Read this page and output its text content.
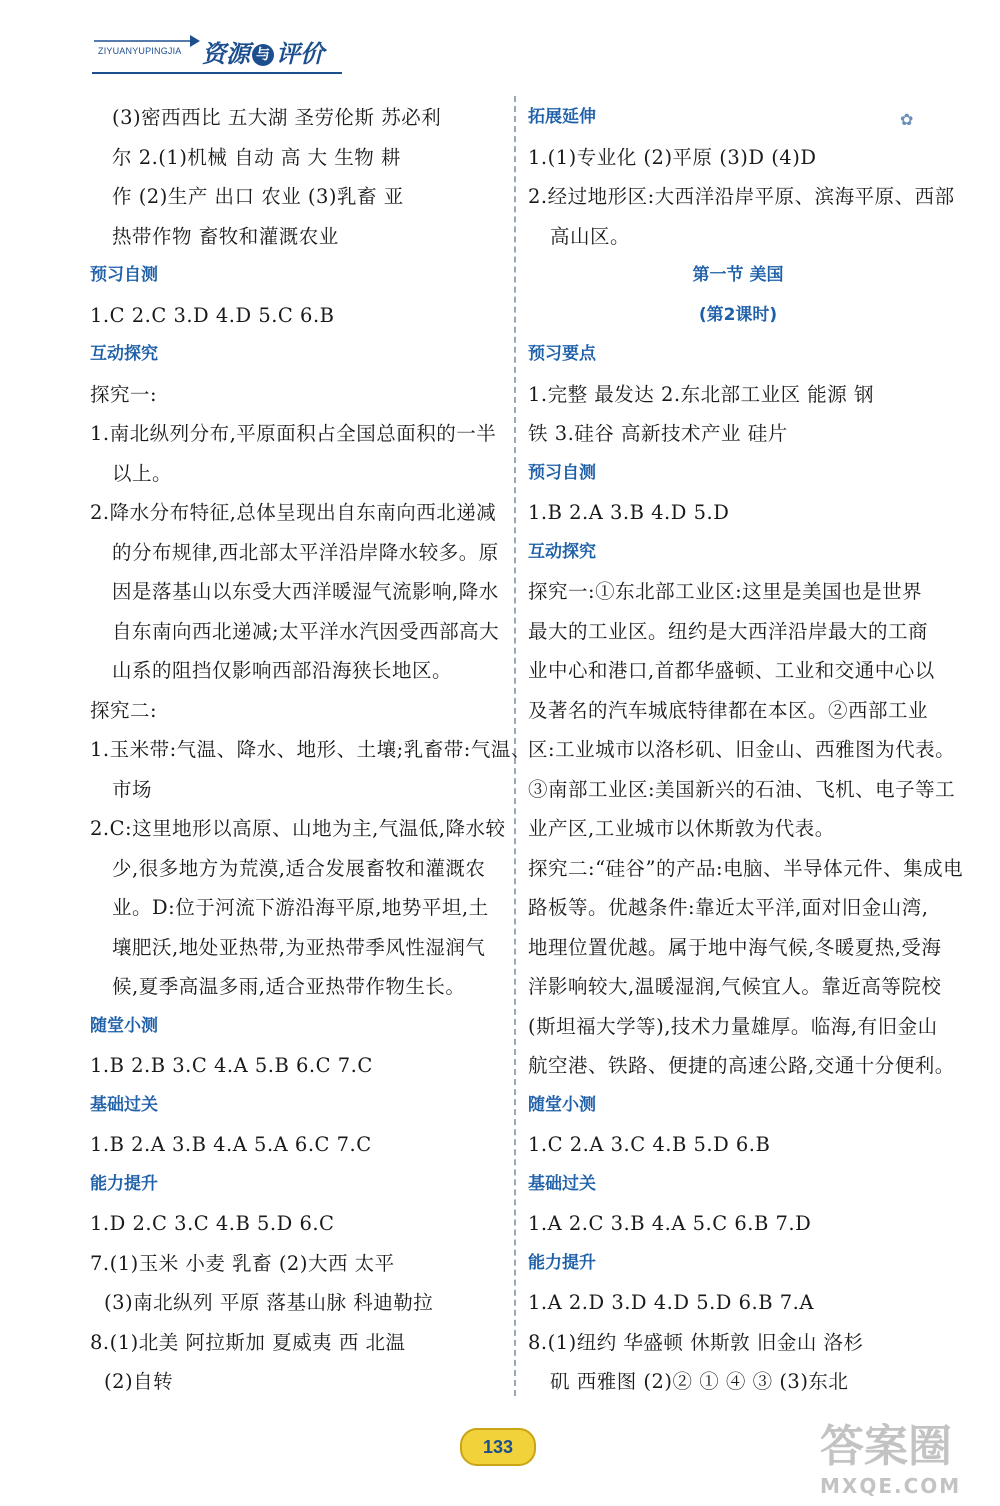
ZIYUANYUPINGJIA 资源 与 评价
✿
(3)密西西比 五大湖 圣劳伦斯 苏必利
尔 2.(1)机械 自动 高 大 生物 耕
作 (2)生产 出口 农业 (3)乳畜 亚
热带作物 畜牧和灌溉农业
预习自测
1.C 2.C 3.D 4.D 5.C 6.B
互动探究
探究一:
1.南北纵列分布,平原面积占全国总面积的一半
以上。
2.降水分布特征,总体呈现出自东南向西北递减
的分布规律,西北部太平洋沿岸降水较多。原
因是落基山以东受大西洋暖湿气流影响,降水
自东南向西北递减;太平洋水汽因受西部高大
山系的阻挡仅影响西部沿海狭长地区。
探究二:
1.玉米带:气温、降水、地形、土壤;乳畜带:气温、
市场
2.C:这里地形以高原、山地为主,气温低,降水较
少,很多地方为荒漠,适合发展畜牧和灌溉农
业。D:位于河流下游沿海平原,地势平坦,土
壤肥沃,地处亚热带,为亚热带季风性湿润气
候,夏季高温多雨,适合亚热带作物生长。
随堂小测
1.B 2.B 3.C 4.A 5.B 6.C 7.C
基础过关
1.B 2.A 3.B 4.A 5.A 6.C 7.C
能力提升
1.D 2.C 3.C 4.B 5.D 6.C
7.(1)玉米 小麦 乳畜 (2)大西 太平
(3)南北纵列 平原 落基山脉 科迪勒拉
8.(1)北美 阿拉斯加 夏威夷 西 北温
(2)自转
拓展延伸
1.(1)专业化 (2)平原 (3)D (4)D
2.经过地形区:大西洋沿岸平原、滨海平原、西部
高山区。
第一节 美国
(第2课时)
预习要点
1.完整 最发达 2.东北部工业区 能源 钢
铁 3.硅谷 高新技术产业 硅片
预习自测
1.B 2.A 3.B 4.D 5.D
互动探究
探究一:①东北部工业区:这里是美国也是世界
最大的工业区。纽约是大西洋沿岸最大的工商
业中心和港口,首都华盛顿、工业和交通中心以
及著名的汽车城底特律都在本区。②西部工业
区:工业城市以洛杉矶、旧金山、西雅图为代表。
③南部工业区:美国新兴的石油、飞机、电子等工
业产区,工业城市以休斯敦为代表。
探究二:“硅谷”的产品:电脑、半导体元件、集成电
路板等。优越条件:靠近太平洋,面对旧金山湾,
地理位置优越。属于地中海气候,冬暖夏热,受海
洋影响较大,温暖湿润,气候宜人。靠近高等院校
(斯坦福大学等),技术力量雄厚。临海,有旧金山
航空港、铁路、便捷的高速公路,交通十分便利。
随堂小测
1.C 2.A 3.C 4.B 5.D 6.B
基础过关
1.A 2.C 3.B 4.A 5.C 6.B 7.D
能力提升
1.A 2.D 3.D 4.D 5.D 6.B 7.A
8.(1)纽约 华盛顿 休斯敦 旧金山 洛杉
矶 西雅图 (2)② ① ④ ③ (3)东北
133	答案圈
MXQE.COM
